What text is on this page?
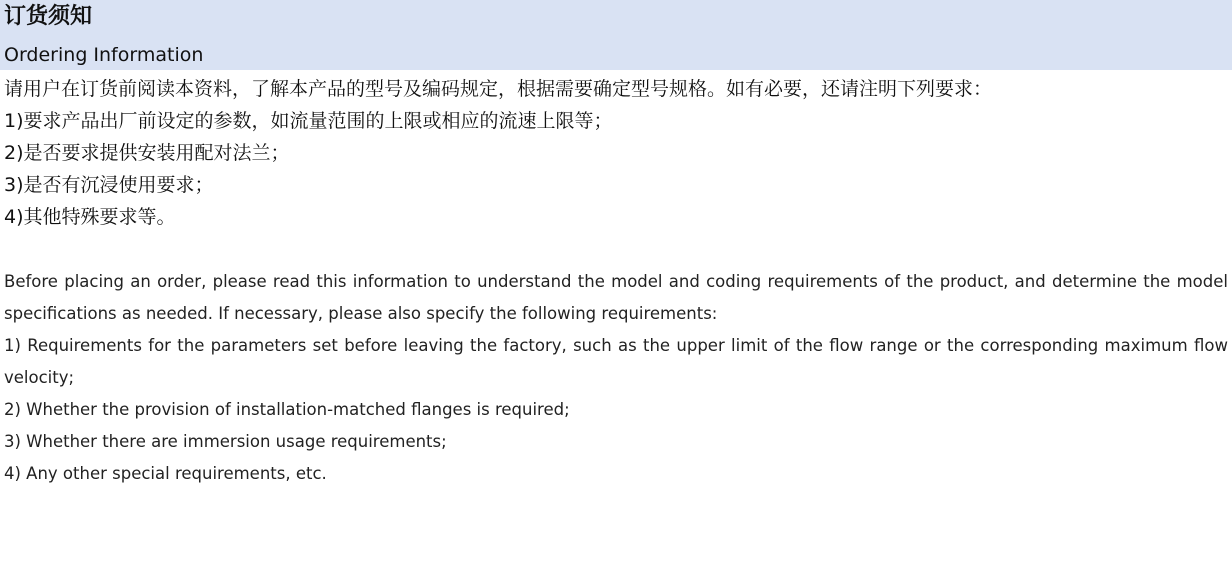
订货须知
Ordering Information
请用户在订货前阅读本资料，了解本产品的型号及编码规定，根据需要确定型号规格。如有必要，还请注明下列要求：
1)要求产品出厂前设定的参数，如流量范围的上限或相应的流速上限等；
2)是否要求提供安装用配对法兰；
3)是否有沉浸使用要求；
4)其他特殊要求等。
Before placing an order, please read this information to understand the model and coding requirements of the product, and determine the model specifications as needed. If necessary, please also specify the following requirements:
1) Requirements for the parameters set before leaving the factory, such as the upper limit of the flow range or the corresponding maximum flow velocity;
2) Whether the provision of installation-matched flanges is required;
3) Whether there are immersion usage requirements;
4) Any other special requirements, etc.
